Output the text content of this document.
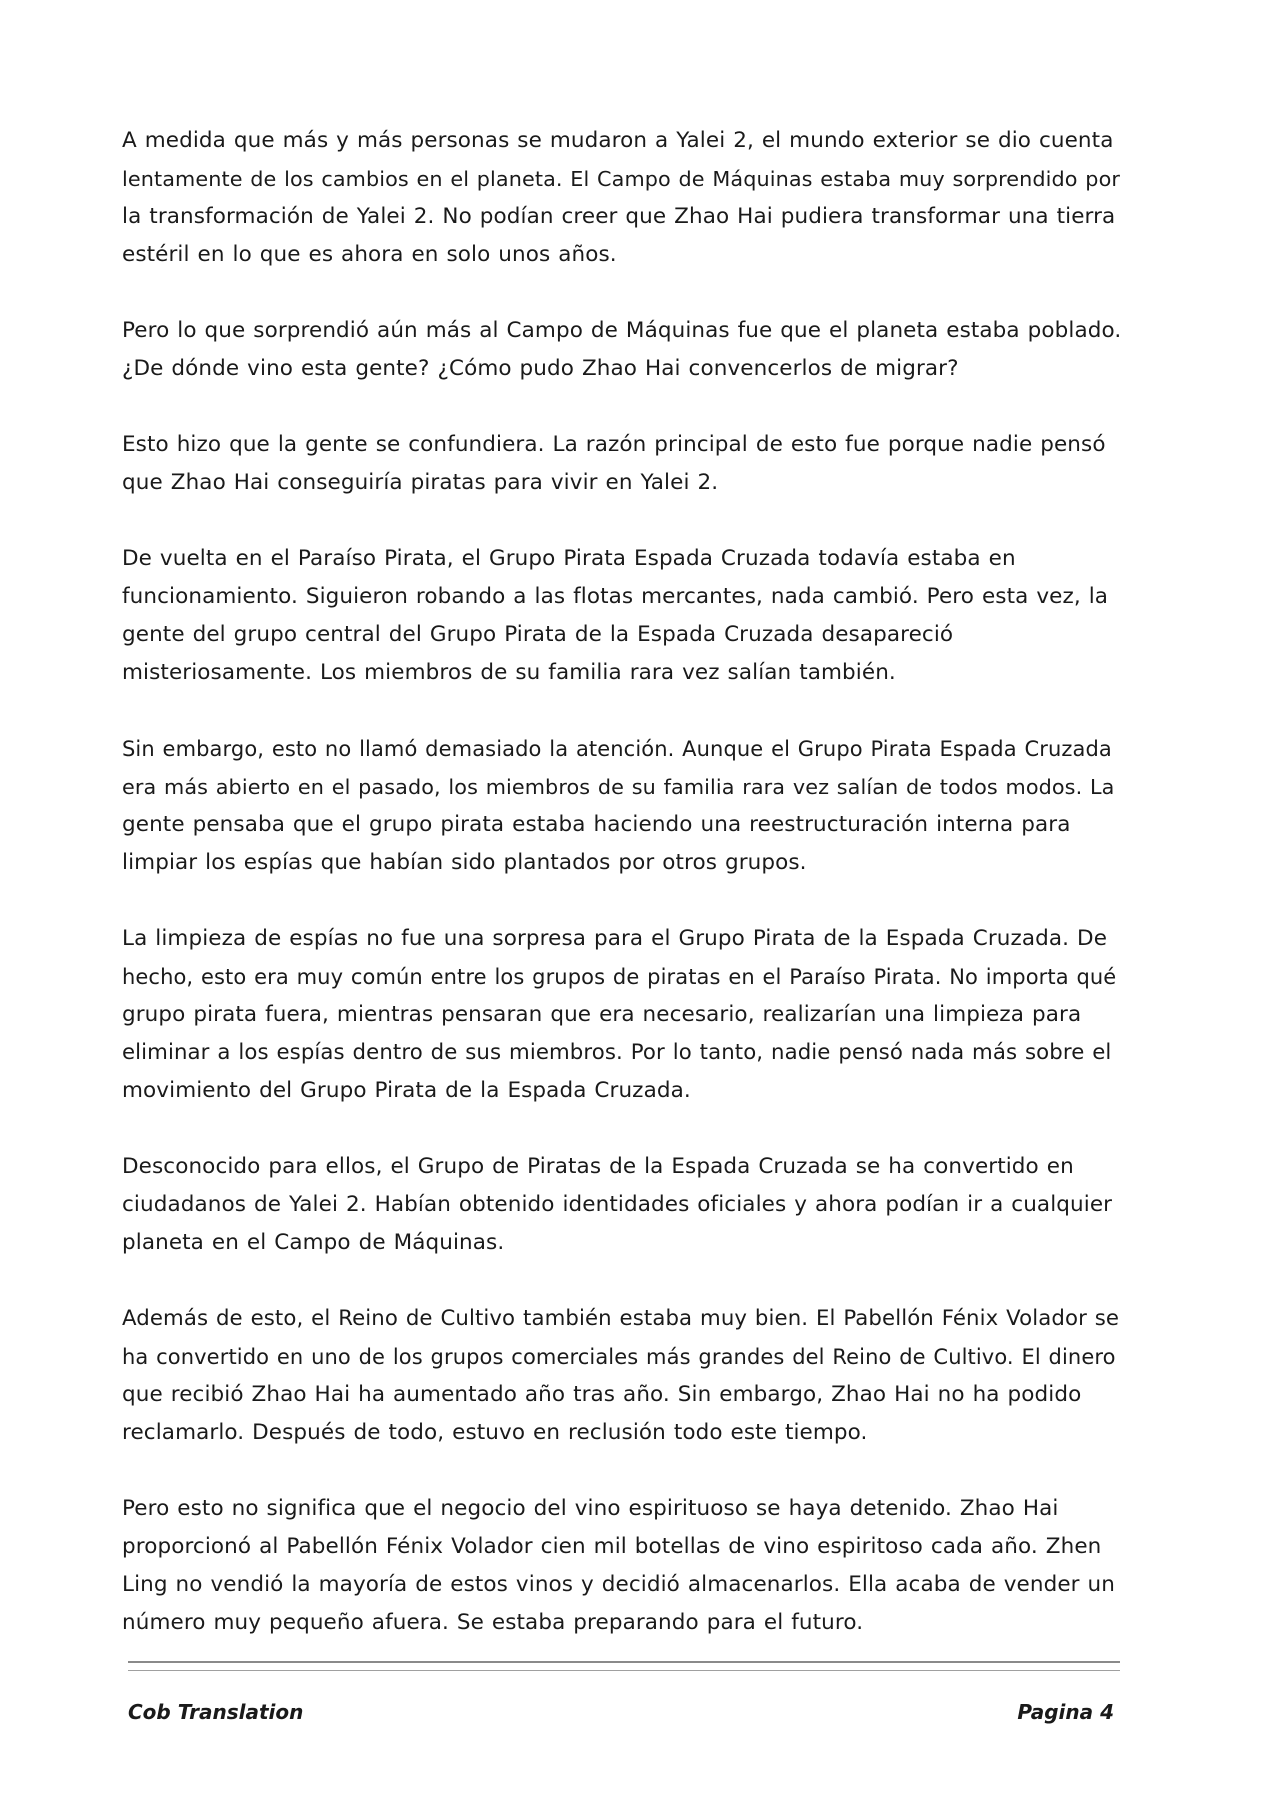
A medida que más y más personas se mudaron a Yalei 2, el mundo exterior se dio cuenta
lentamente de los cambios en el planeta. El Campo de Máquinas estaba muy sorprendido por
la transformación de Yalei 2. No podían creer que Zhao Hai pudiera transformar una tierra
estéril en lo que es ahora en solo unos años.

Pero lo que sorprendió aún más al Campo de Máquinas fue que el planeta estaba poblado.
¿De dónde vino esta gente? ¿Cómo pudo Zhao Hai convencerlos de migrar?

Esto hizo que la gente se confundiera. La razón principal de esto fue porque nadie pensó
que Zhao Hai conseguiría piratas para vivir en Yalei 2.

De vuelta en el Paraíso Pirata, el Grupo Pirata Espada Cruzada todavía estaba en
funcionamiento. Siguieron robando a las flotas mercantes, nada cambió. Pero esta vez, la
gente del grupo central del Grupo Pirata de la Espada Cruzada desapareció
misteriosamente. Los miembros de su familia rara vez salían también.

Sin embargo, esto no llamó demasiado la atención. Aunque el Grupo Pirata Espada Cruzada
era más abierto en el pasado, los miembros de su familia rara vez salían de todos modos. La
gente pensaba que el grupo pirata estaba haciendo una reestructuración interna para
limpiar los espías que habían sido plantados por otros grupos.

La limpieza de espías no fue una sorpresa para el Grupo Pirata de la Espada Cruzada. De
hecho, esto era muy común entre los grupos de piratas en el Paraíso Pirata. No importa qué
grupo pirata fuera, mientras pensaran que era necesario, realizarían una limpieza para
eliminar a los espías dentro de sus miembros. Por lo tanto, nadie pensó nada más sobre el
movimiento del Grupo Pirata de la Espada Cruzada.

Desconocido para ellos, el Grupo de Piratas de la Espada Cruzada se ha convertido en
ciudadanos de Yalei 2. Habían obtenido identidades oficiales y ahora podían ir a cualquier
planeta en el Campo de Máquinas.

Además de esto, el Reino de Cultivo también estaba muy bien. El Pabellón Fénix Volador se
ha convertido en uno de los grupos comerciales más grandes del Reino de Cultivo. El dinero
que recibió Zhao Hai ha aumentado año tras año. Sin embargo, Zhao Hai no ha podido
reclamarlo. Después de todo, estuvo en reclusión todo este tiempo.

Pero esto no significa que el negocio del vino espirituoso se haya detenido. Zhao Hai
proporcionó al Pabellón Fénix Volador cien mil botellas de vino espiritoso cada año. Zhen
Ling no vendió la mayoría de estos vinos y decidió almacenarlos. Ella acaba de vender un
número muy pequeño afuera. Se estaba preparando para el futuro.

Cob Translation	Pagina 4
